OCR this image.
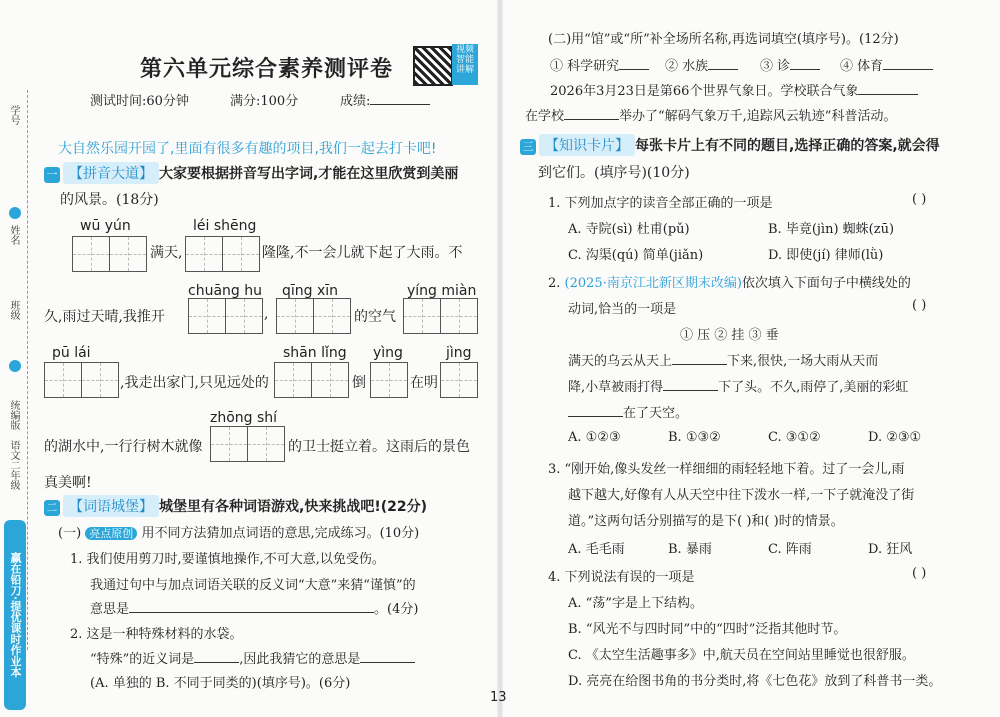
学号
姓名
班级
统编版
语文二年级
赢在铅刀·提优课时作业本
第六单元综合素养测评卷
视频智能讲解
测试时间:60分钟	满分:100分	成绩:
大自然乐园开园了,里面有很多有趣的项目,我们一起去打卡吧!
一 【拼音大道】 大家要根据拼音写出字词,才能在这里欣赏到美丽
的风景。(18分)
wū yún
满天,
léi shēng
隆隆,不一会儿就下起了大雨。不
久,雨过天晴,我推开
chuāng hu
,
qīng xīn
的空气
yíng miàn
pū lái
,我走出家门,只见远处的
shān lǐng
倒
yìng
在明
jìng
zhōng shí
的湖水中,一行行树木就像	的卫士挺立着。这雨后的景色
真美啊!
二 【词语城堡】 城堡里有各种词语游戏,快来挑战吧!(22分)
(一) 亮点原创 用不同方法猜加点词语的意思,完成练习。(10分)
1. 我们使用剪刀时,要谨慎地操作,不可大意,以免受伤。
我通过句中与加点词语关联的反义词“大意”来猜“谨慎”的
意思是	。(4分)
2. 这是一种特殊材料的水袋。
“特殊”的近义词是	,因此我猜它的意思是
(A. 单独的 B. 不同于同类的)(填序号)。(6分)
(二)用“馆”或“所”补全场所名称,再选词填空(填序号)。(12分)
① 科学研究	② 水族	③ 诊	④ 体育
2026年3月23日是第66个世界气象日。学校联合气象
在学校	举办了“解码气象万千,追踪风云轨迹”科普活动。
三 【知识卡片】 每张卡片上有不同的题目,选择正确的答案,就会得
到它们。(填序号)(10分)
1. 下列加点字的读音全部正确的一项是	( )
A. 寺院(sì) 杜甫(pǔ)	B. 毕竟(jìn) 蜘蛛(zū)
C. 沟渠(qú) 简单(jiǎn)	D. 即使(jí) 律师(lǜ)
2. (2025·南京江北新区期末改编)依次填入下面句子中横线处的
动词,恰当的一项是	( )
① 压 ② 挂 ③ 垂
满天的乌云从天上	下来,很快,一场大雨从天而
降,小草被雨打得	下了头。不久,雨停了,美丽的彩虹
在了天空。
A. ①②③	B. ①③②	C. ③①②	D. ②③①
3. “刚开始,像头发丝一样细细的雨轻轻地下着。过了一会儿,雨
越下越大,好像有人从天空中往下泼水一样,一下子就淹没了街
道。”这两句话分别描写的是下( )和( )时的情景。
A. 毛毛雨	B. 暴雨	C. 阵雨	D. 狂风
4. 下列说法有误的一项是	( )
A. “荡”字是上下结构。
B. “风光不与四时同”中的“四时”泛指其他时节。
C. 《太空生活趣事多》中,航天员在空间站里睡觉也很舒服。
D. 亮亮在给图书角的书分类时,将《七色花》放到了科普书一类。
13
